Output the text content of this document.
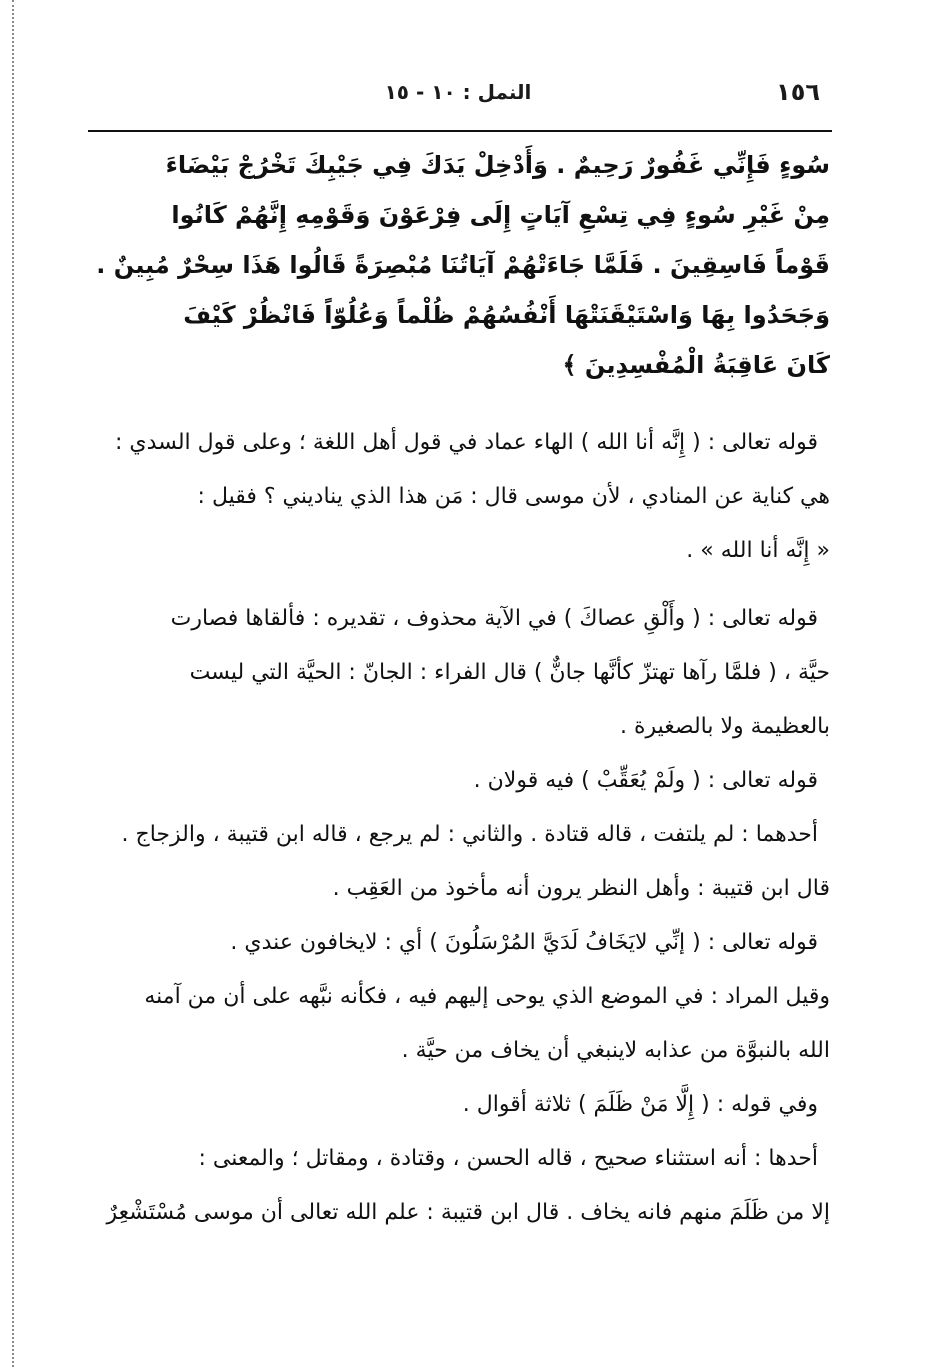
١٥٦
النمل : ١٠ - ١٥
سُوءٍ فَإِنِّي غَفُورٌ رَحِيمٌ . وَأَدْخِلْ يَدَكَ فِي جَيْبِكَ تَخْرُجْ بَيْضَاءَ
مِنْ غَيْرِ سُوءٍ فِي تِسْعِ آيَاتٍ إِلَى فِرْعَوْنَ وَقَوْمِهِ إِنَّهُمْ كَانُوا
قَوْماً فَاسِقِينَ . فَلَمَّا جَاءَتْهُمْ آيَاتُنَا مُبْصِرَةً قَالُوا هَذَا سِحْرٌ مُبِينٌ .
وَجَحَدُوا بِهَا وَاسْتَيْقَنَتْهَا أَنْفُسُهُمْ ظُلْماً وَعُلُوّاً فَانْظُرْ كَيْفَ
كَانَ عَاقِبَةُ الْمُفْسِدِينَ ﴾
قوله تعالى : ( إِنَّه أنا الله ) الهاء عماد في قول أهل اللغة ؛ وعلى قول السدي :
هي كناية عن المنادي ، لأن موسى قال : مَن هذا الذي يناديني ؟ فقيل :
« إِنَّه أنا الله » .
قوله تعالى : ( وأَلْقِ عصاكَ ) في الآية محذوف ، تقديره : فألقاها فصارت
حيَّة ، ( فلمَّا رآها تهتزّ كأنَّها جانٌّ ) قال الفراء : الجانّ : الحيَّة التي ليست
بالعظيمة ولا بالصغيرة .
قوله تعالى : ( ولَمْ يُعَقِّبْ ) فيه قولان .
أحدهما : لم يلتفت ، قاله قتادة . والثاني : لم يرجع ، قاله ابن قتيبة ، والزجاج .
قال ابن قتيبة : وأهل النظر يرون أنه مأخوذ من العَقِب .
قوله تعالى : ( إنِّي لايَخَافُ لَدَيَّ المُرْسَلُونَ ) أي : لايخافون عندي .
وقيل المراد : في الموضع الذي يوحى إليهم فيه ، فكأنه نبَّهه على أن من آمنه
الله بالنبوَّة من عذابه لاينبغي أن يخاف من حيَّة .
وفي قوله : ( إِلَّا مَنْ ظَلَمَ ) ثلاثة أقوال .
أحدها : أنه استثناء صحيح ، قاله الحسن ، وقتادة ، ومقاتل ؛ والمعنى :
إلا من ظَلَمَ منهم فانه يخاف . قال ابن قتيبة : علم الله تعالى أن موسى مُسْتَشْعِرٌ
